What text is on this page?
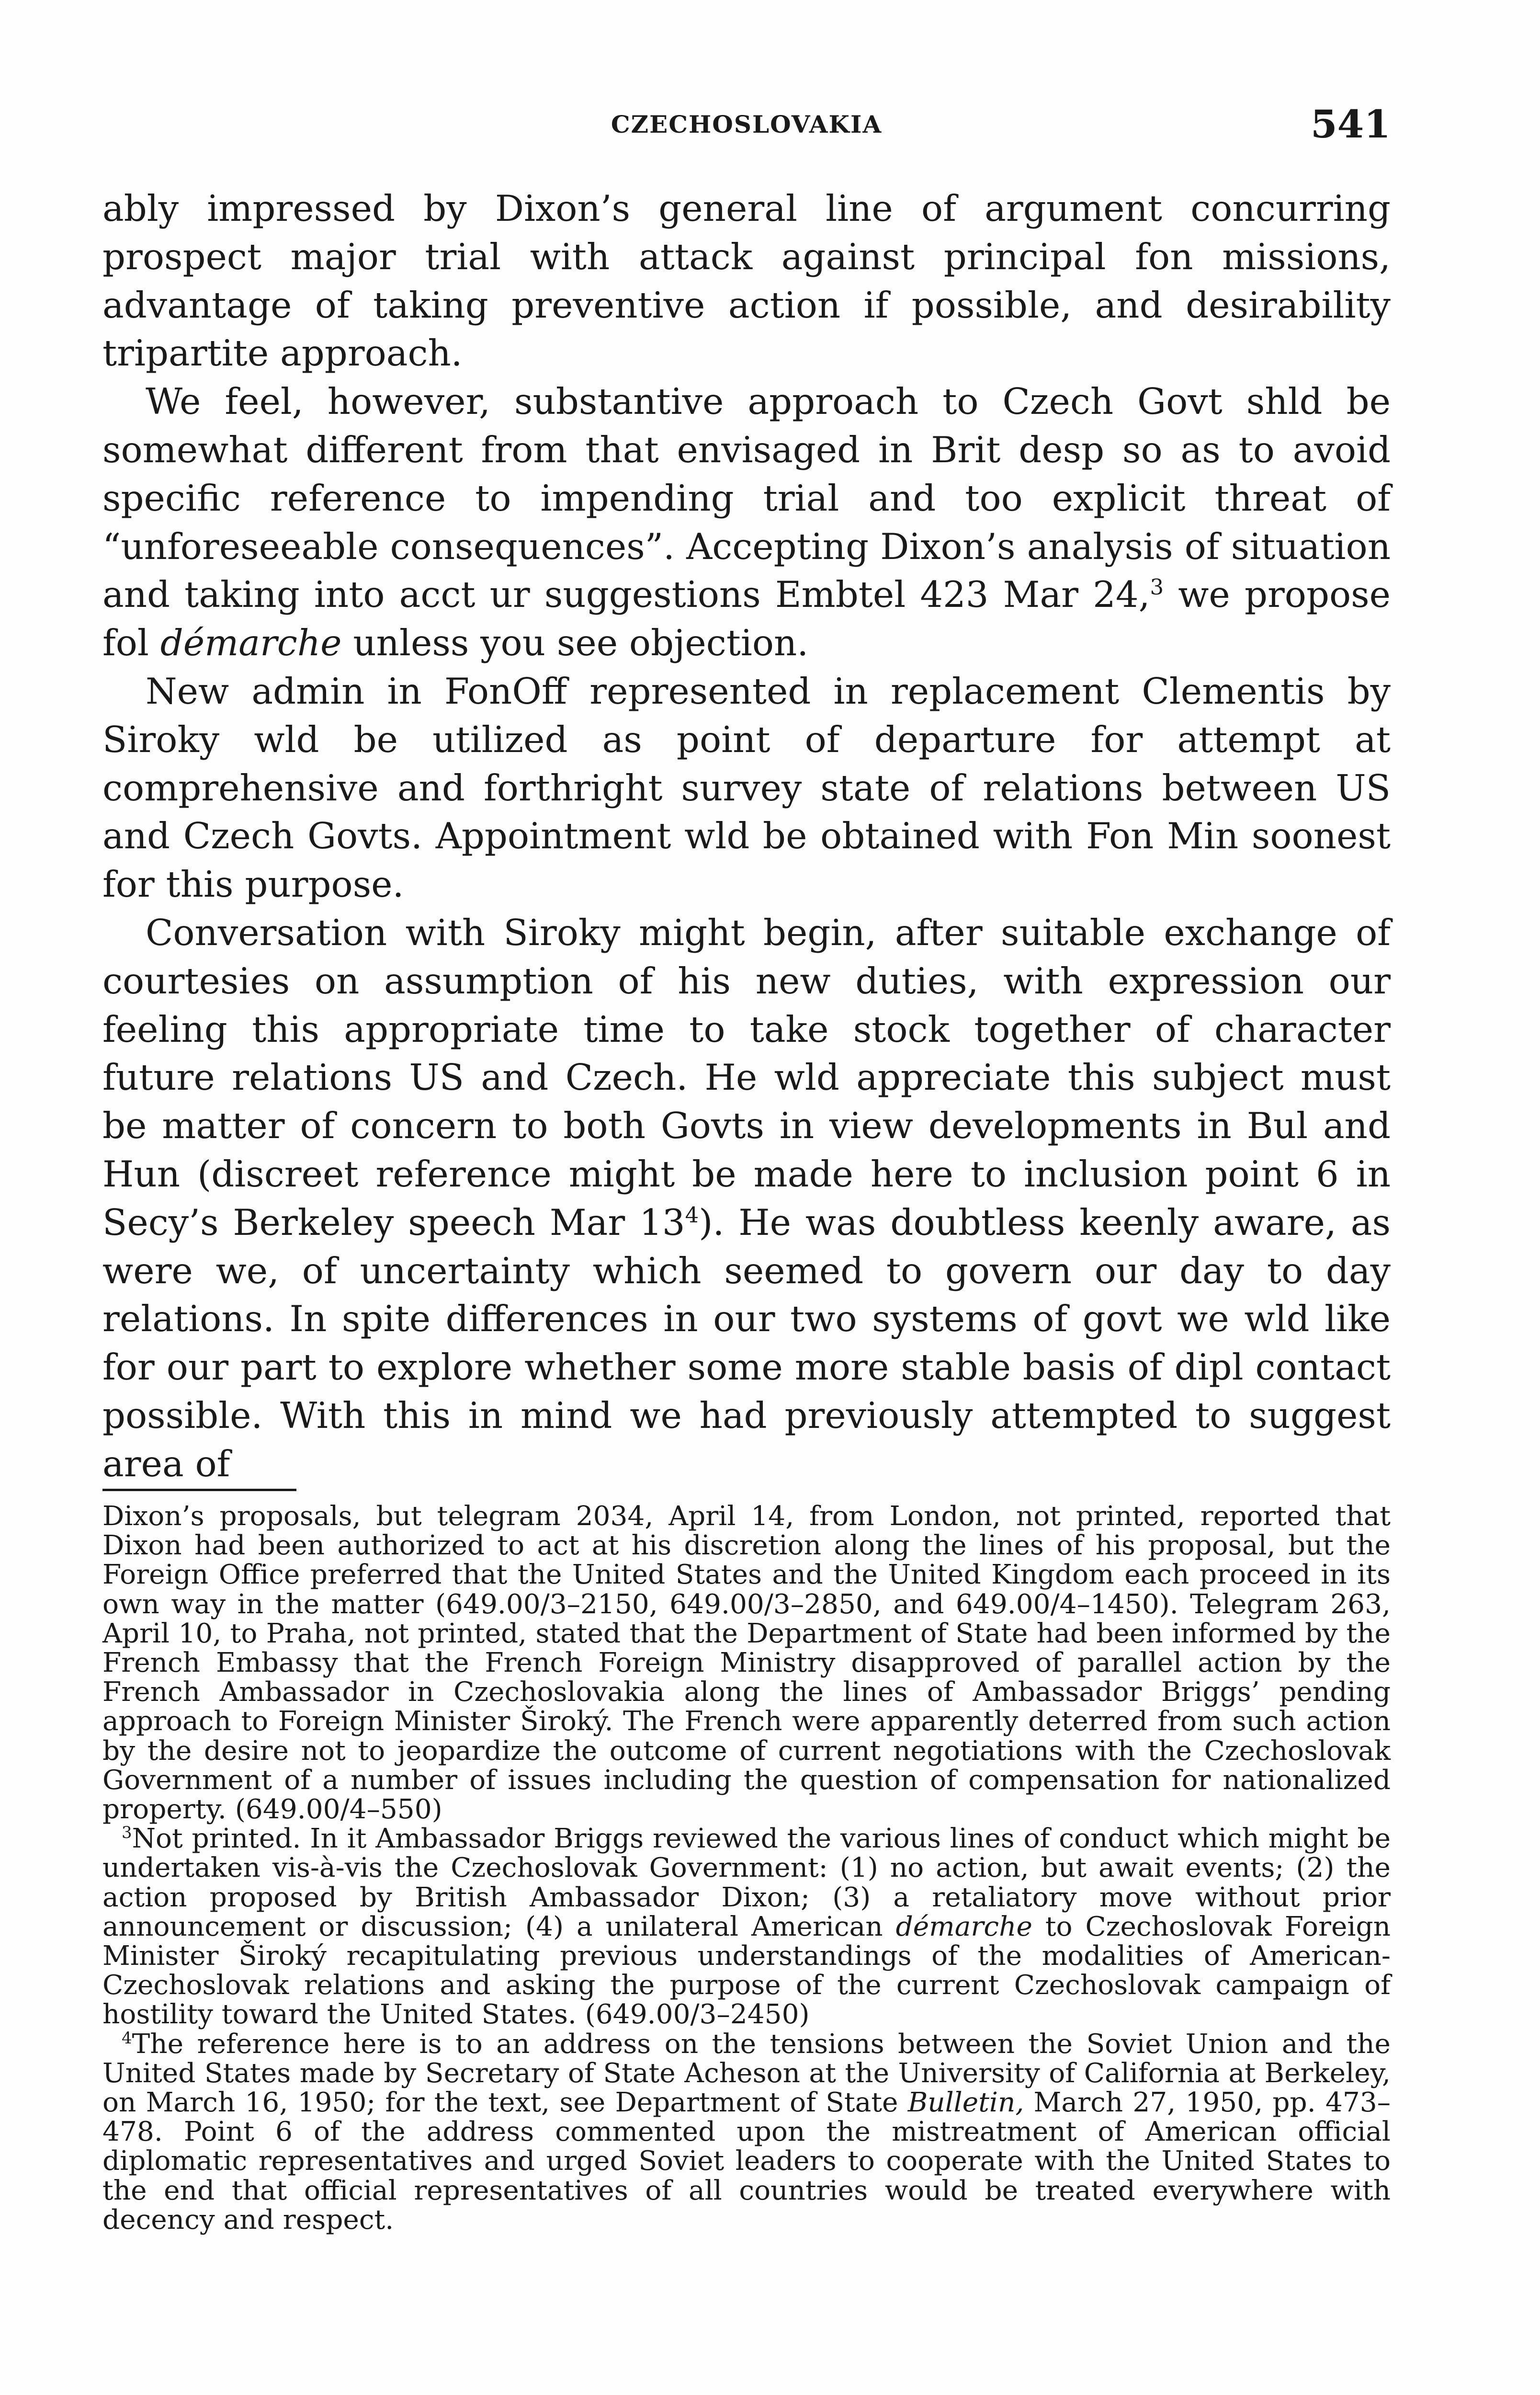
CZECHOSLOVAKIA	541

ably impressed by Dixon’s general line of argument concurring prospect major trial with attack against principal fon missions, advantage of taking preventive action if possible, and desirability tripartite approach.

We feel, however, substantive approach to Czech Govt shld be somewhat different from that envisaged in Brit desp so as to avoid specific reference to impending trial and too explicit threat of “unforeseeable consequences”. Accepting Dixon’s analysis of situation and taking into acct ur suggestions Embtel 423 Mar 24,$^3$ we propose fol démarche unless you see objection.

New admin in FonOff represented in replacement Clementis by Siroky wld be utilized as point of departure for attempt at comprehensive and forthright survey state of relations between US and Czech Govts. Appointment wld be obtained with Fon Min soonest for this purpose.

Conversation with Siroky might begin, after suitable exchange of courtesies on assumption of his new duties, with expression our feeling this appropriate time to take stock together of character future relations US and Czech. He wld appreciate this subject must be matter of concern to both Govts in view developments in Bul and Hun (discreet reference might be made here to inclusion point 6 in Secy’s Berkeley speech Mar $13^4$). He was doubtless keenly aware, as were we, of uncertainty which seemed to govern our day to day relations. In spite differences in our two systems of govt we wld like for our part to explore whether some more stable basis of dipl contact possible. With this in mind we had previously attempted to suggest area of

Dixon’s proposals, but telegram 2034, April 14, from London, not printed, reported that Dixon had been authorized to act at his discretion along the lines of his proposal, but the Foreign Office preferred that the United States and the United Kingdom each proceed in its own way in the matter (649.00/3–2150, 649.00/3–2850, and 649.00/4–1450). Telegram 263, April 10, to Praha, not printed, stated that the Department of State had been informed by the French Embassy that the French Foreign Ministry disapproved of parallel action by the French Ambassador in Czechoslovakia along the lines of Ambassador Briggs’ pending approach to Foreign Minister Široký. The French were apparently deterred from such action by the desire not to jeopardize the outcome of current negotiations with the Czechoslovak Government of a number of issues including the question of compensation for nationalized property. (649.00/4–550)

$^3$Not printed. In it Ambassador Briggs reviewed the various lines of conduct which might be undertaken vis-à-vis the Czechoslovak Government: (1) no action, but await events; (2) the action proposed by British Ambassador Dixon; (3) a retaliatory move without prior announcement or discussion; (4) a unilateral American démarche to Czechoslovak Foreign Minister Široký recapitulating previous understandings of the modalities of American-Czechoslovak relations and asking the purpose of the current Czechoslovak campaign of hostility toward the United States. (649.00/3–2450)

$^4$The reference here is to an address on the tensions between the Soviet Union and the United States made by Secretary of State Acheson at the University of California at Berkeley, on March 16, 1950; for the text, see Department of State Bulletin, March 27, 1950, pp. 473–478. Point 6 of the address commented upon the mistreatment of American official diplomatic representatives and urged Soviet leaders to cooperate with the United States to the end that official representatives of all countries would be treated everywhere with decency and respect.
